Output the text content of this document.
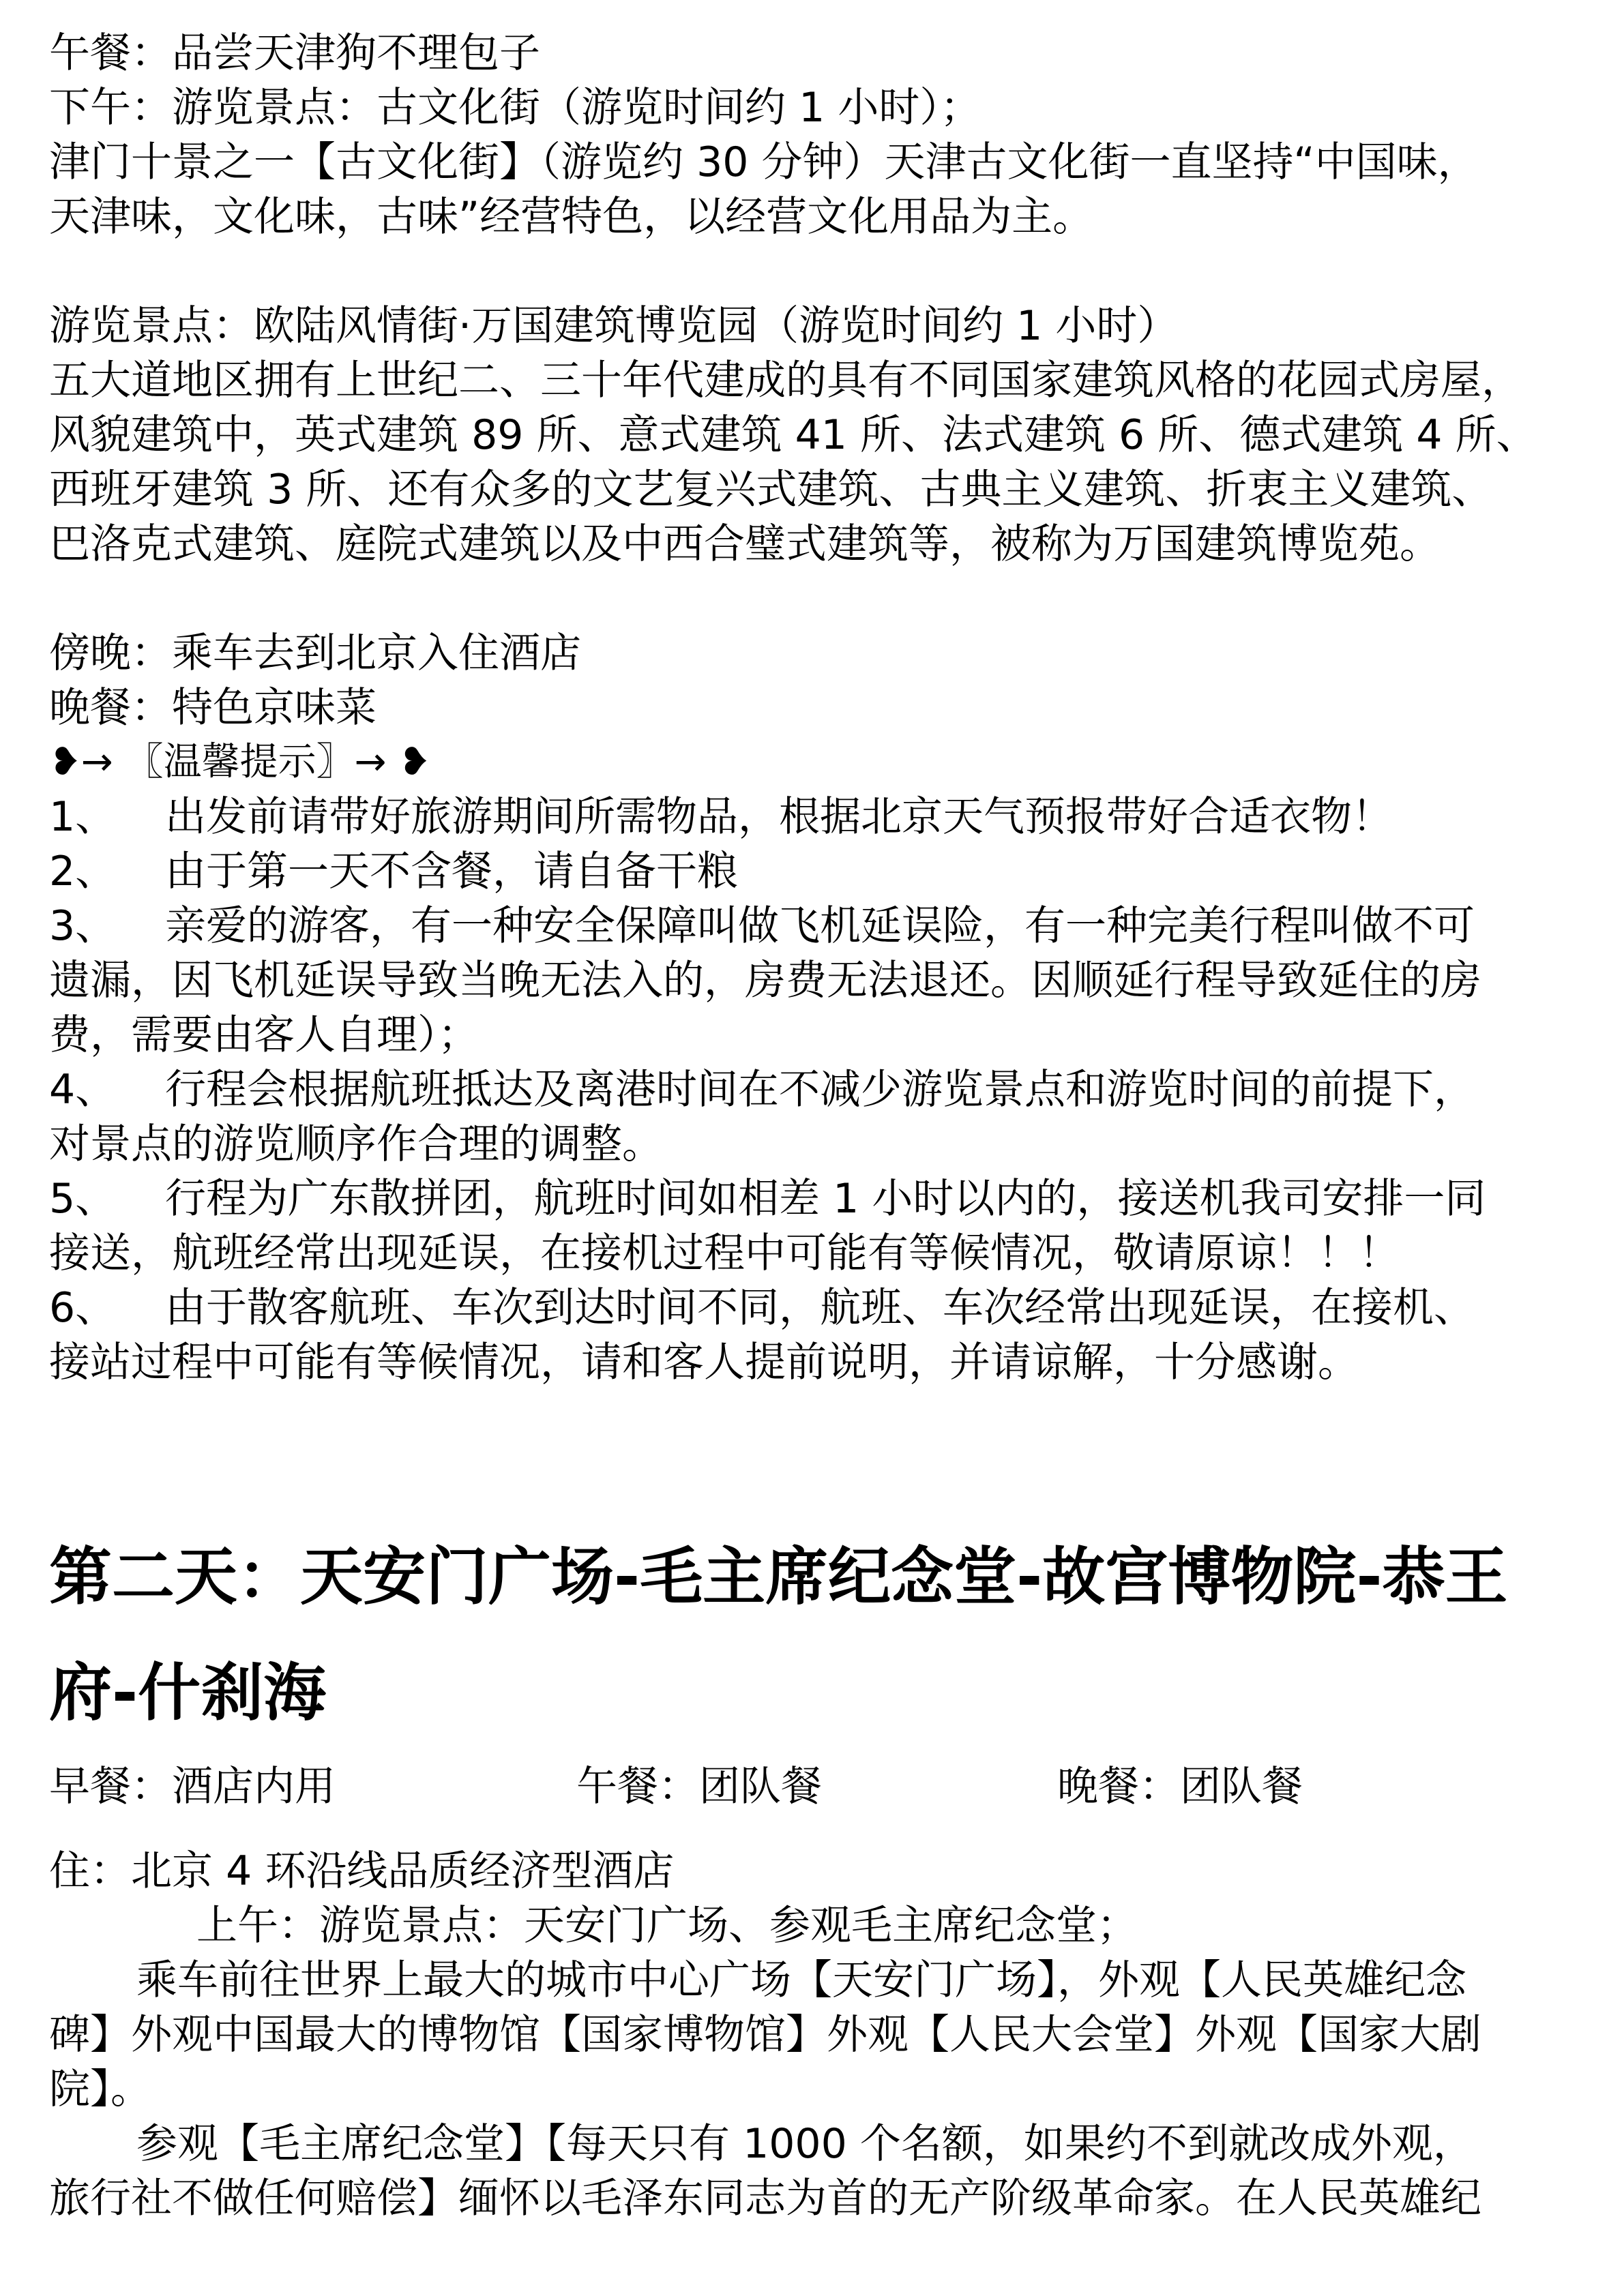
午餐：品尝天津狗不理包子

下午：游览景点：古文化街（游览时间约 1 小时）；

津门十景之一【古文化街】（游览约 30 分钟）天津古文化街一直坚持“中国味，

天津味，文化味，古味”经营特色，以经营文化用品为主。

游览景点：欧陆风情街·万国建筑博览园（游览时间约 1 小时）

五大道地区拥有上世纪二、三十年代建成的具有不同国家建筑风格的花园式房屋，

风貌建筑中，英式建筑 89 所、意式建筑 41 所、法式建筑 6 所、德式建筑 4 所、

西班牙建筑 3 所、还有众多的文艺复兴式建筑、古典主义建筑、折衷主义建筑、

巴洛克式建筑、庭院式建筑以及中西合璧式建筑等，被称为万国建筑博览苑。

傍晚：乘车去到北京入住酒店

晚餐：特色京味菜

❥→ 〖温馨提示〗→ ❥

1、 出发前请带好旅游期间所需物品，根据北京天气预报带好合适衣物！

2、 由于第一天不含餐，请自备干粮

3、 亲爱的游客，有一种安全保障叫做飞机延误险，有一种完美行程叫做不可

遗漏，因飞机延误导致当晚无法入的，房费无法退还。因顺延行程导致延住的房

费，需要由客人自理）；

4、 行程会根据航班抵达及离港时间在不减少游览景点和游览时间的前提下，

对景点的游览顺序作合理的调整。

5、 行程为广东散拼团，航班时间如相差 1 小时以内的，接送机我司安排一同

接送，航班经常出现延误，在接机过程中可能有等候情况，敬请原谅！！！

6、 由于散客航班、车次到达时间不同，航班、车次经常出现延误，在接机、

接站过程中可能有等候情况，请和客人提前说明，并请谅解，十分感谢。

第二天：天安门广场-毛主席纪念堂-故宫博物院-恭王
府-什刹海
早餐：酒店内用	午餐：团队餐	晚餐：团队餐

住：北京 4 环沿线品质经济型酒店

上午：游览景点：天安门广场、参观毛主席纪念堂；

乘车前往世界上最大的城市中心广场【天安门广场】，外观【人民英雄纪念

碑】外观中国最大的博物馆【国家博物馆】外观【人民大会堂】外观【国家大剧

院】。

参观【毛主席纪念堂】【每天只有 1000 个名额，如果约不到就改成外观，

旅行社不做任何赔偿】缅怀以毛泽东同志为首的无产阶级革命家。在人民英雄纪
